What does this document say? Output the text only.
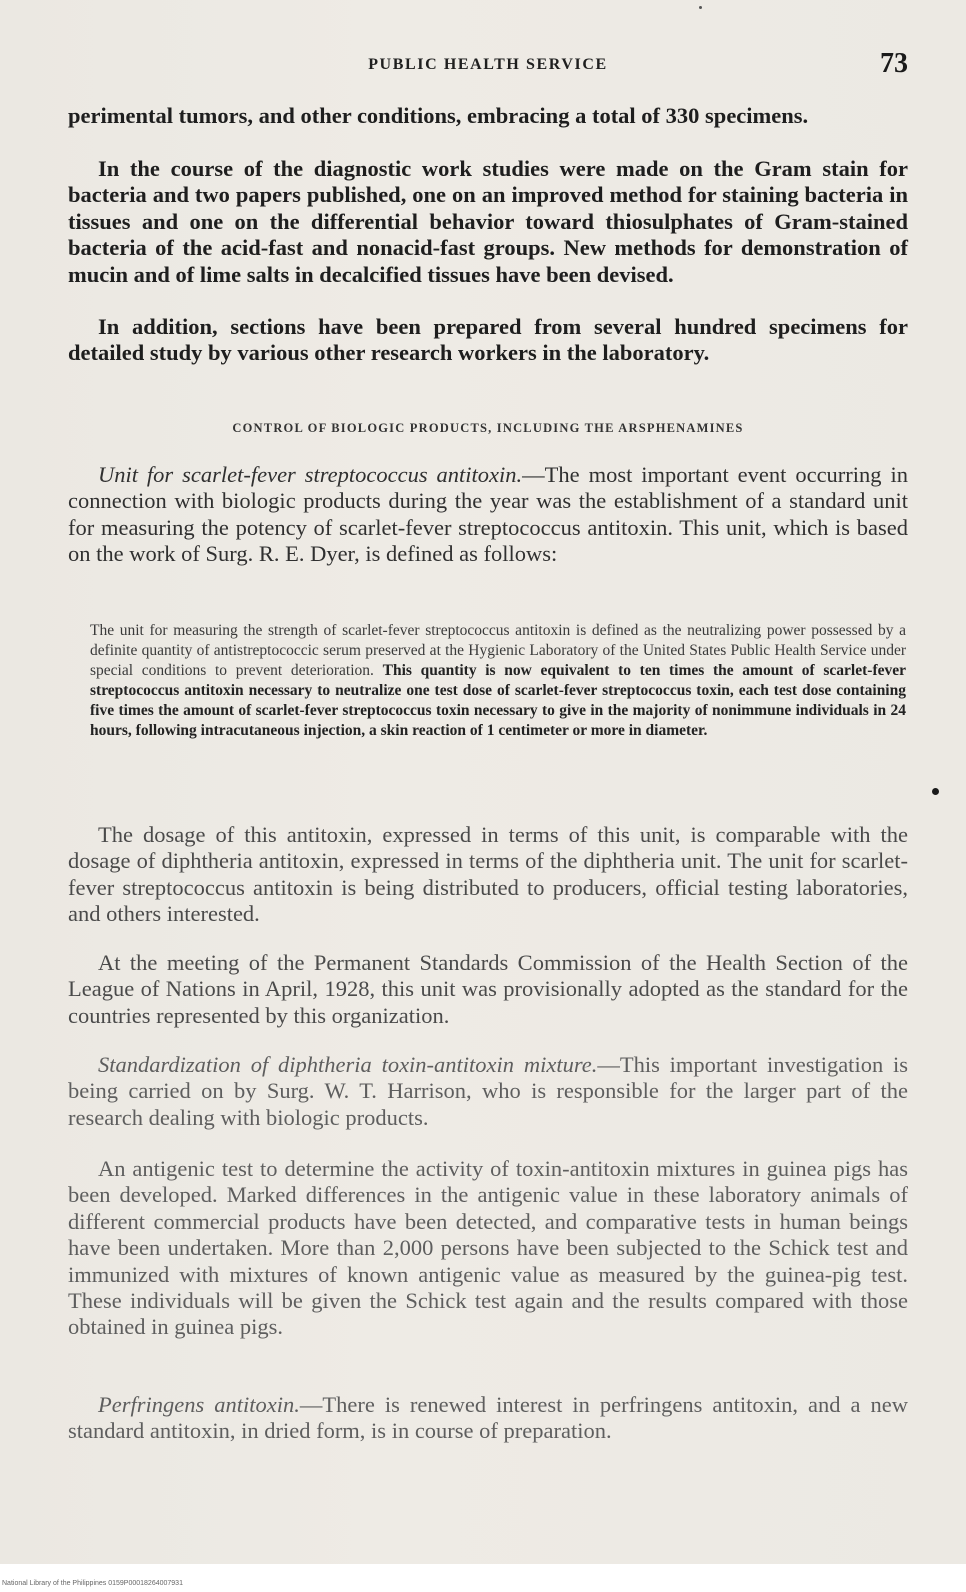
PUBLIC HEALTH SERVICE	73

perimental tumors, and other conditions, embracing a total of 330 specimens.

In the course of the diagnostic work studies were made on the Gram stain for bacteria and two papers published, one on an improved method for staining bacteria in tissues and one on the differential behavior toward thiosulphates of Gram-stained bacteria of the acid-fast and nonacid-fast groups. New methods for demonstration of mucin and of lime salts in decalcified tissues have been devised.

In addition, sections have been prepared from several hundred specimens for detailed study by various other research workers in the laboratory.

CONTROL OF BIOLOGIC PRODUCTS, INCLUDING THE ARSPHENAMINES

Unit for scarlet-fever streptococcus antitoxin.—The most important event occurring in connection with biologic products during the year was the establishment of a standard unit for measuring the potency of scarlet-fever streptococcus antitoxin. This unit, which is based on the work of Surg. R. E. Dyer, is defined as follows:

The unit for measuring the strength of scarlet-fever streptococcus antitoxin is defined as the neutralizing power possessed by a definite quantity of antistreptococcic serum preserved at the Hygienic Laboratory of the United States Public Health Service under special conditions to prevent deterioration. This quantity is now equivalent to ten times the amount of scarlet-fever streptococcus antitoxin necessary to neutralize one test dose of scarlet-fever streptococcus toxin, each test dose containing five times the amount of scarlet-fever streptococcus toxin necessary to give in the majority of nonimmune individuals in 24 hours, following intracutaneous injection, a skin reaction of 1 centimeter or more in diameter.

The dosage of this antitoxin, expressed in terms of this unit, is comparable with the dosage of diphtheria antitoxin, expressed in terms of the diphtheria unit. The unit for scarlet-fever streptococcus antitoxin is being distributed to producers, official testing laboratories, and others interested.

At the meeting of the Permanent Standards Commission of the Health Section of the League of Nations in April, 1928, this unit was provisionally adopted as the standard for the countries represented by this organization.

Standardization of diphtheria toxin-antitoxin mixture.—This important investigation is being carried on by Surg. W. T. Harrison, who is responsible for the larger part of the research dealing with biologic products.

An antigenic test to determine the activity of toxin-antitoxin mixtures in guinea pigs has been developed. Marked differences in the antigenic value in these laboratory animals of different commercial products have been detected, and comparative tests in human beings have been undertaken. More than 2,000 persons have been subjected to the Schick test and immunized with mixtures of known antigenic value as measured by the guinea-pig test. These individuals will be given the Schick test again and the results compared with those obtained in guinea pigs.

Perfringens antitoxin.—There is renewed interest in perfringens antitoxin, and a new standard antitoxin, in dried form, is in course of preparation.

National Library of the Philippines 0159P00018264007931
